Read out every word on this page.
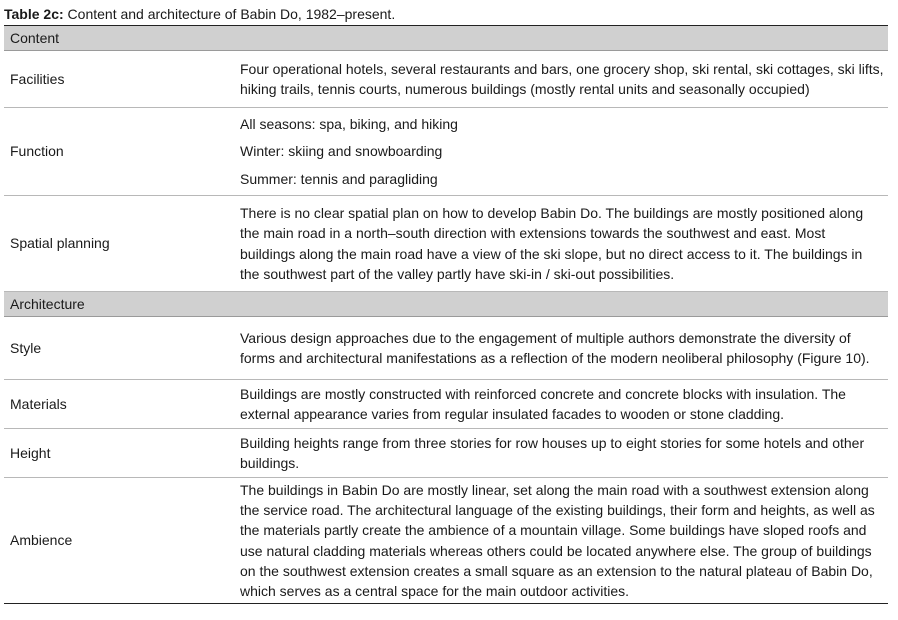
Table 2c: Content and architecture of Babin Do, 1982–present.
Content
Facilities

Four operational hotels, several restaurants and bars, one grocery shop, ski rental, ski cottages, ski lifts, hiking trails, tennis courts, numerous buildings (mostly rental units and seasonally occupied)

Function

All seasons: spa, biking, and hiking

Winter: skiing and snowboarding

Summer: tennis and paragliding

Spatial planning

There is no clear spatial plan on how to develop Babin Do. The buildings are mostly positioned along the main road in a north–south direction with extensions towards the southwest and east. Most buildings along the main road have a view of the ski slope, but no direct access to it. The buildings in the southwest part of the valley partly have ski-in / ski-out possibilities.

Architecture
Style

Various design approaches due to the engagement of multiple authors demonstrate the diversity of forms and architectural manifestations as a reflection of the modern neoliberal philosophy (Figure 10).

Materials

Buildings are mostly constructed with reinforced concrete and concrete blocks with insulation. The external appearance varies from regular insulated facades to wooden or stone cladding.

Height

Building heights range from three stories for row houses up to eight stories for some hotels and other buildings.

Ambience

The buildings in Babin Do are mostly linear, set along the main road with a southwest extension along the service road. The architectural language of the existing buildings, their form and heights, as well as the materials partly create the ambience of a mountain village. Some buildings have sloped roofs and use natural cladding materials whereas others could be located anywhere else. The group of buildings on the southwest extension creates a small square as an extension to the natural plateau of Babin Do, which serves as a central space for the main outdoor activities.
